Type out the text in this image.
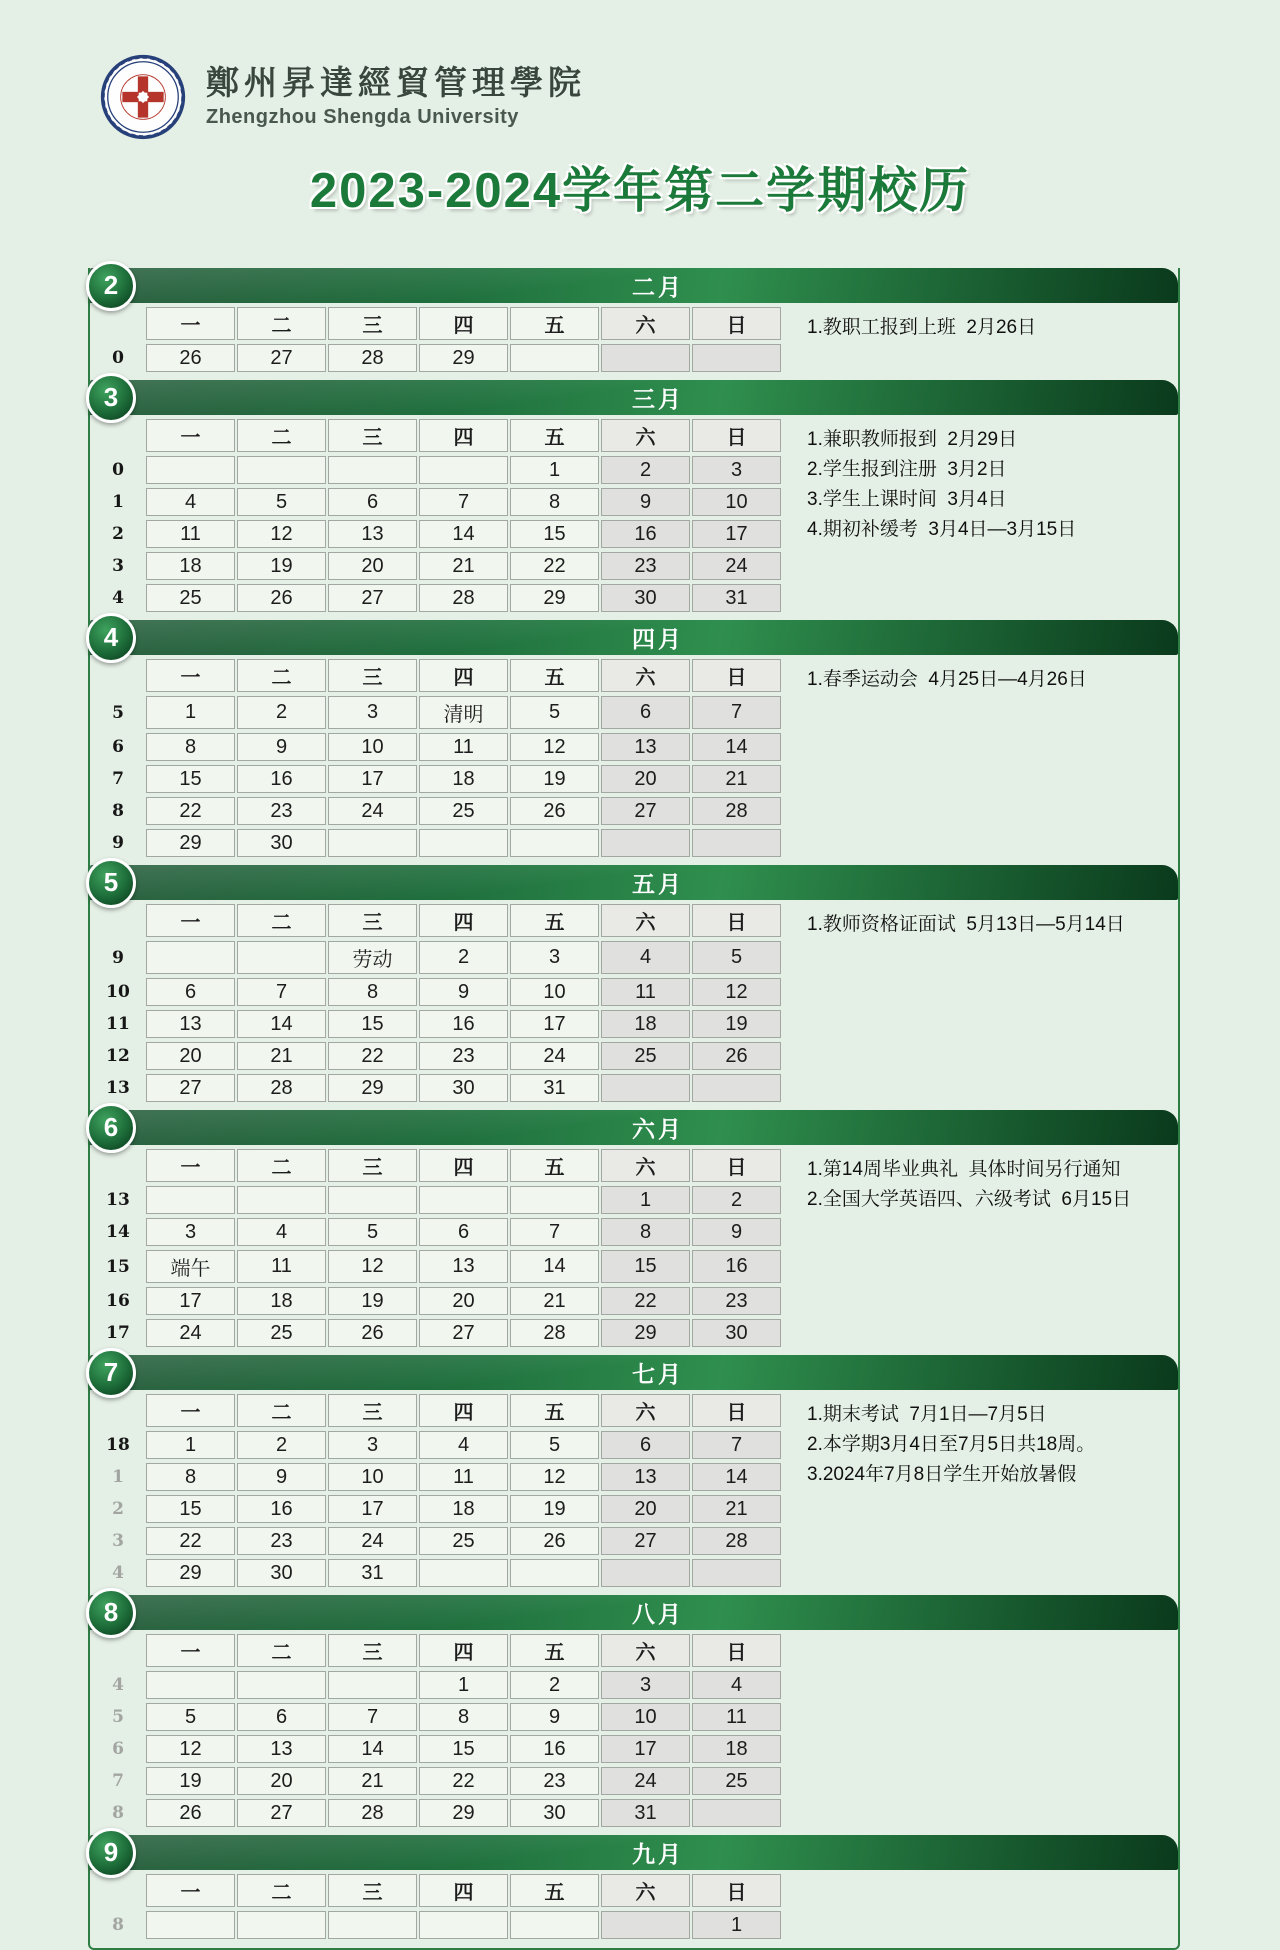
鄭州昇達經貿管理學院
Zhengzhou Shengda University
2023-2024学年第二学期校历
2	二月
	一	二	三	四	五	六	日
0	26	27	28	29			
1.教职工报到上班  2月26日
3	三月
	一	二	三	四	五	六	日
0					1	2	3
1	4	5	6	7	8	9	10
2	11	12	13	14	15	16	17
3	18	19	20	21	22	23	24
4	25	26	27	28	29	30	31
1.兼职教师报到  2月29日
2.学生报到注册  3月2日
3.学生上课时间  3月4日
4.期初补缓考  3月4日—3月15日
4	四月
	一	二	三	四	五	六	日
5	1	2	3	清明	5	6	7
6	8	9	10	11	12	13	14
7	15	16	17	18	19	20	21
8	22	23	24	25	26	27	28
9	29	30					
1.春季运动会  4月25日—4月26日
5	五月
	一	二	三	四	五	六	日
9			劳动	2	3	4	5
10	6	7	8	9	10	11	12
11	13	14	15	16	17	18	19
12	20	21	22	23	24	25	26
13	27	28	29	30	31		
1.教师资格证面试  5月13日—5月14日
6	六月
	一	二	三	四	五	六	日
13						1	2
14	3	4	5	6	7	8	9
15	端午	11	12	13	14	15	16
16	17	18	19	20	21	22	23
17	24	25	26	27	28	29	30
1.第14周毕业典礼  具体时间另行通知
2.全国大学英语四、六级考试  6月15日
7	七月
	一	二	三	四	五	六	日
18	1	2	3	4	5	6	7
1	8	9	10	11	12	13	14
2	15	16	17	18	19	20	21
3	22	23	24	25	26	27	28
4	29	30	31				
1.期末考试  7月1日—7月5日
2.本学期3月4日至7月5日共18周。
3.2024年7月8日学生开始放暑假
8	八月
	一	二	三	四	五	六	日
4				1	2	3	4
5	5	6	7	8	9	10	11
6	12	13	14	15	16	17	18
7	19	20	21	22	23	24	25
8	26	27	28	29	30	31	
9	九月
	一	二	三	四	五	六	日
8							1
